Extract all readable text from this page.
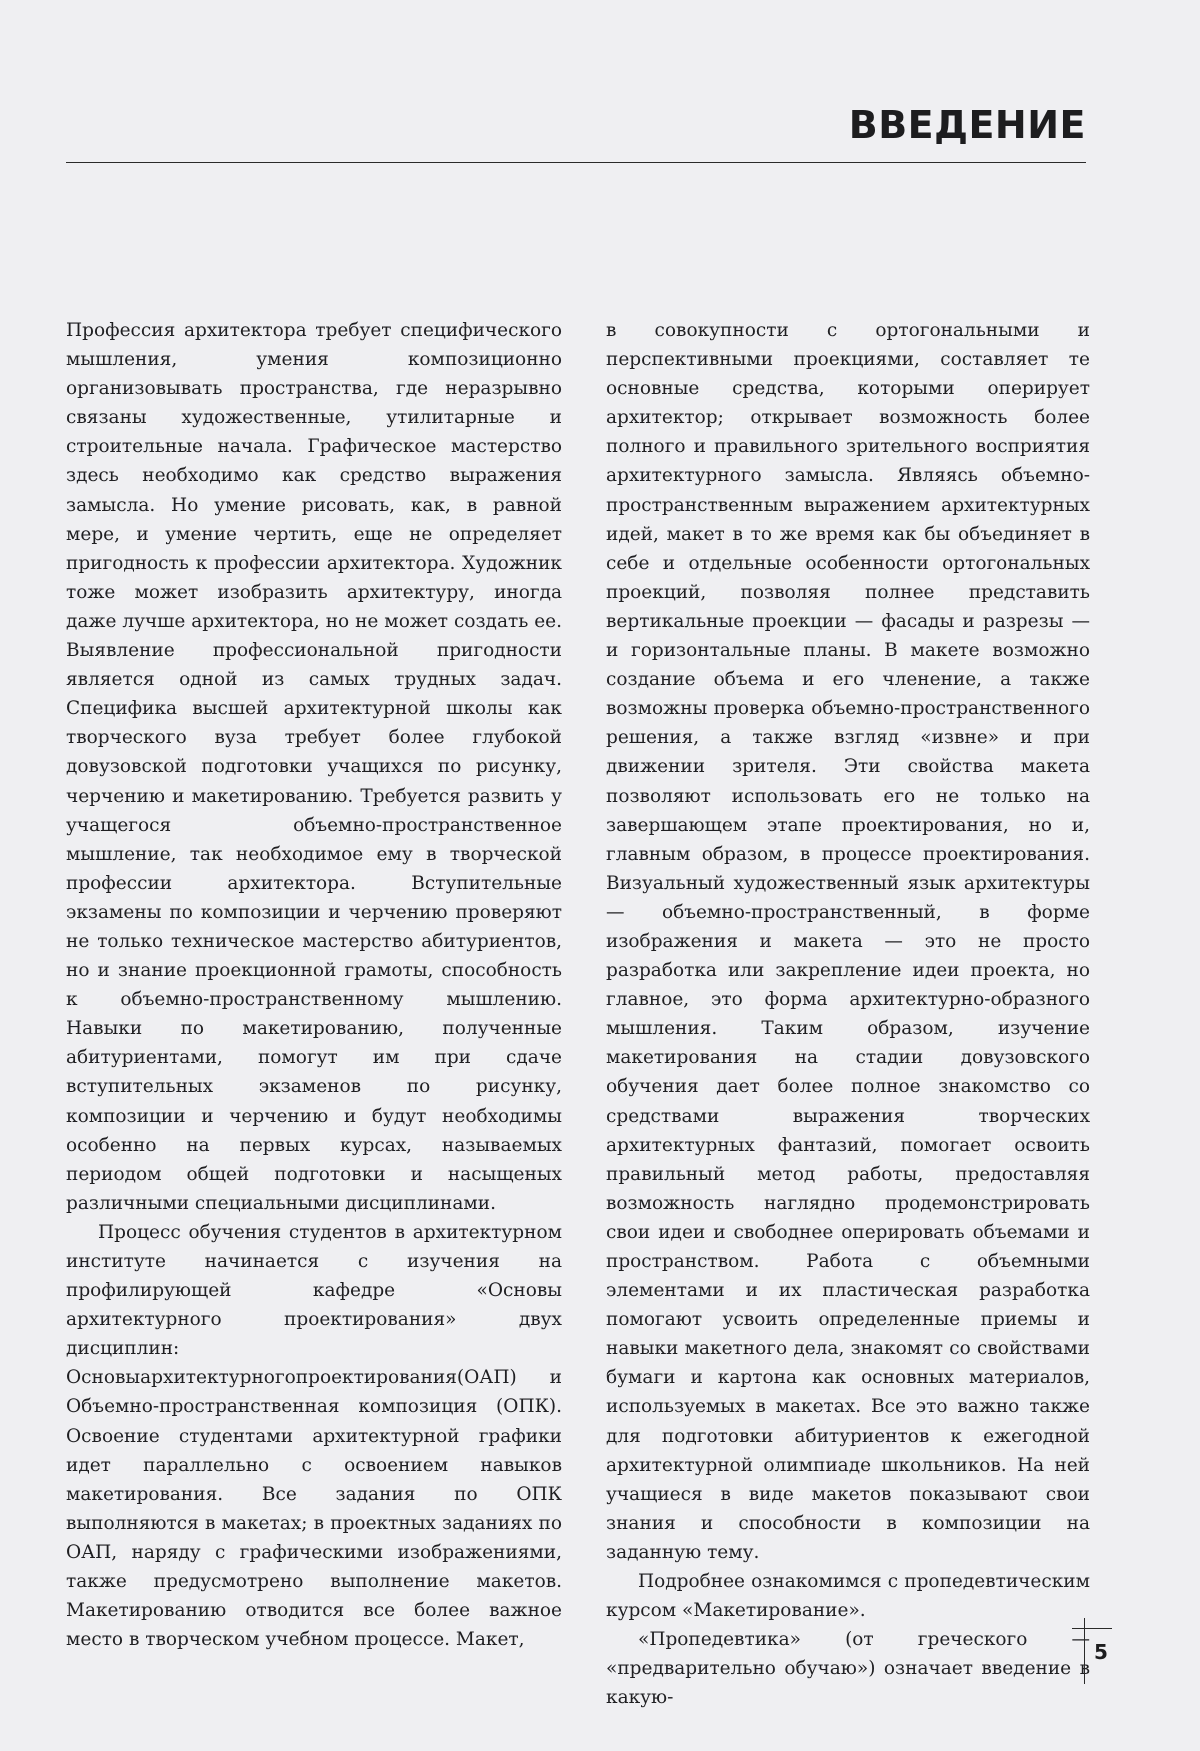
ВВЕДЕНИЕ

Профессия архитектора требует специфического мышления, умения композиционно организовывать пространства, где неразрывно связаны художественные, утилитарные и строительные начала. Графическое мастерство здесь необходимо как средство выражения замысла. Но умение рисовать, как, в равной мере, и умение чертить, еще не определяет пригодность к профессии архитектора. Художник тоже может изобразить архитектуру, иногда даже лучше архитектора, но не может создать ее. Выявление профессиональной пригодности является одной из самых трудных задач. Специфика высшей архитектурной школы как творческого вуза требует более глубокой довузовской подготовки учащихся по рисунку, черчению и макетированию. Требуется развить у учащегося объемно-пространственное мышление, так необходимое ему в творческой профессии архитектора. Вступительные экзамены по композиции и черчению проверяют не только техническое мастерство абитуриентов, но и знание проекционной грамоты, способность к объемно-пространственному мышлению. Навыки по макетированию, полученные абитуриентами, помогут им при сдаче вступительных экзаменов по рисунку, композиции и черчению и будут необходимы особенно на первых курсах, называемых периодом общей подготовки и насыщеных различными специальными дисциплинами.

Процесс обучения студентов в архитектурном институте начинается с изучения на профилирующей кафедре «Основы архитектурного проектирования» двух дисциплин: Основыархитектурногопроектирования(ОАП) и Объемно-пространственная композиция (ОПК). Освоение студентами архитектурной графики идет параллельно с освоением навыков макетирования. Все задания по ОПК выполняются в макетах; в проектных заданиях по ОАП, наряду с графическими изображениями, также предусмотрено выполнение макетов. Макетированию отводится все более важное место в творческом учебном процессе. Макет,

в совокупности с ортогональными и перспективными проекциями, составляет те основные средства, которыми оперирует архитектор; открывает возможность более полного и правильного зрительного восприятия архитектурного замысла. Являясь объемно-пространственным выражением архитектурных идей, макет в то же время как бы объединяет в себе и отдельные особенности ортогональных проекций, позволяя полнее представить вертикальные проекции — фасады и разрезы — и горизонтальные планы. В макете возможно создание объема и его членение, а также возможны проверка объемно-пространственного решения, а также взгляд «извне» и при движении зрителя. Эти свойства макета позволяют использовать его не только на завершающем этапе проектирования, но и, главным образом, в процессе проектирования. Визуальный художественный язык архитектуры — объемно-пространственный, в форме изображения и макета — это не просто разработка или закрепление идеи проекта, но главное, это форма архитектурно-образного мышления. Таким образом, изучение макетирования на стадии довузовского обучения дает более полное знакомство со средствами выражения творческих архитектурных фантазий, помогает освоить правильный метод работы, предоставляя возможность наглядно продемонстрировать свои идеи и свободнее оперировать объемами и пространством. Работа с объемными элементами и их пластическая разработка помогают усвоить определенные приемы и навыки макетного дела, знакомят со свойствами бумаги и картона как основных материалов, используемых в макетах. Все это важно также для подготовки абитуриентов к ежегодной архитектурной олимпиаде школьников. На ней учащиеся в виде макетов показывают свои знания и способности в композиции на заданную тему.

Подробнее ознакомимся с пропедевтическим курсом «Макетирование».

«Пропедевтика» (от греческого — «предварительно обучаю») означает введение в какую-

5
